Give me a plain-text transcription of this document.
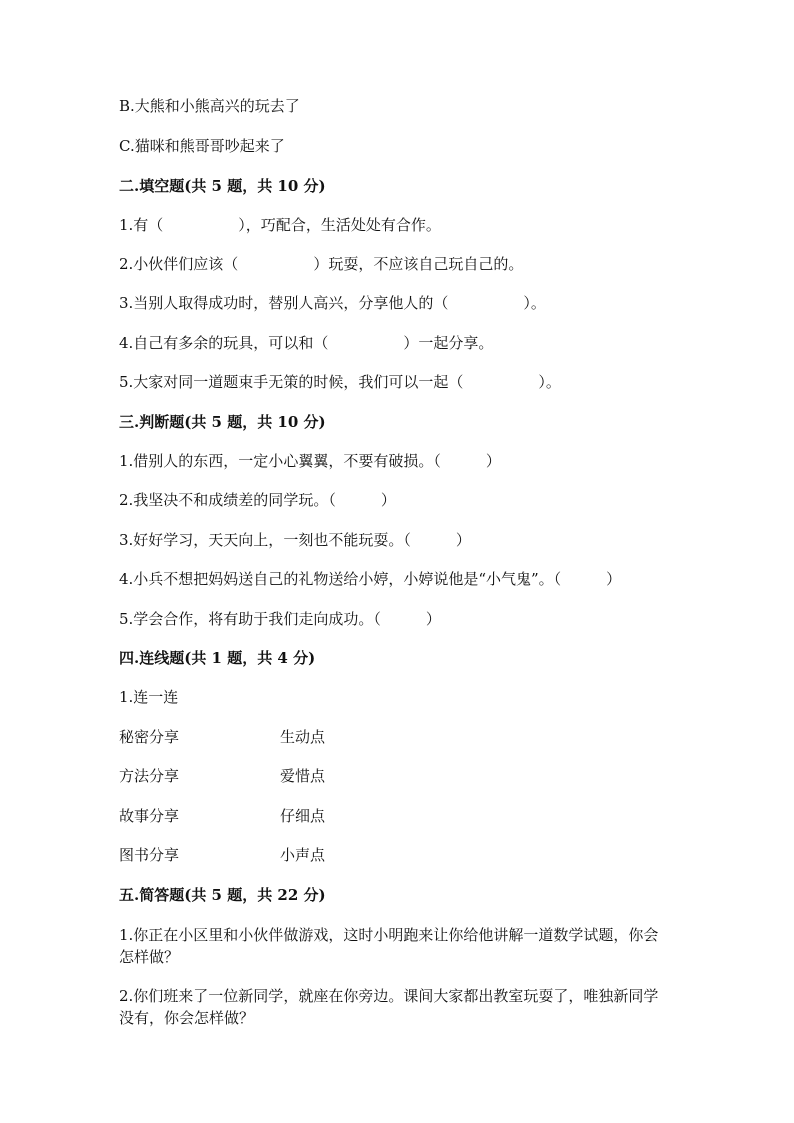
B.大熊和小熊高兴的玩去了

C.猫咪和熊哥哥吵起来了

二.填空题(共 5 题，共 10 分)

1.有（　　　　　），巧配合，生活处处有合作。

2.小伙伴们应该（　　　　　）玩耍，不应该自己玩自己的。

3.当别人取得成功时，替别人高兴，分享他人的（　　　　　）。

4.自己有多余的玩具，可以和（　　　　　）一起分享。

5.大家对同一道题束手无策的时候，我们可以一起（　　　　　）。

三.判断题(共 5 题，共 10 分)

1.借别人的东西，一定小心翼翼，不要有破损。（　　　）

2.我坚决不和成绩差的同学玩。（　　　）

3.好好学习，天天向上，一刻也不能玩耍。（　　　）

4.小兵不想把妈妈送自己的礼物送给小婷，小婷说他是“小气鬼”。（　　　）

5.学会合作，将有助于我们走向成功。（　　　）

四.连线题(共 1 题，共 4 分)

1.连一连

秘密分享	生动点

方法分享	爱惜点

故事分享	仔细点

图书分享	小声点

五.简答题(共 5 题，共 22 分)

1.你正在小区里和小伙伴做游戏，这时小明跑来让你给他讲解一道数学试题，你会怎样做？

2.你们班来了一位新同学，就座在你旁边。课间大家都出教室玩耍了，唯独新同学没有，你会怎样做？
